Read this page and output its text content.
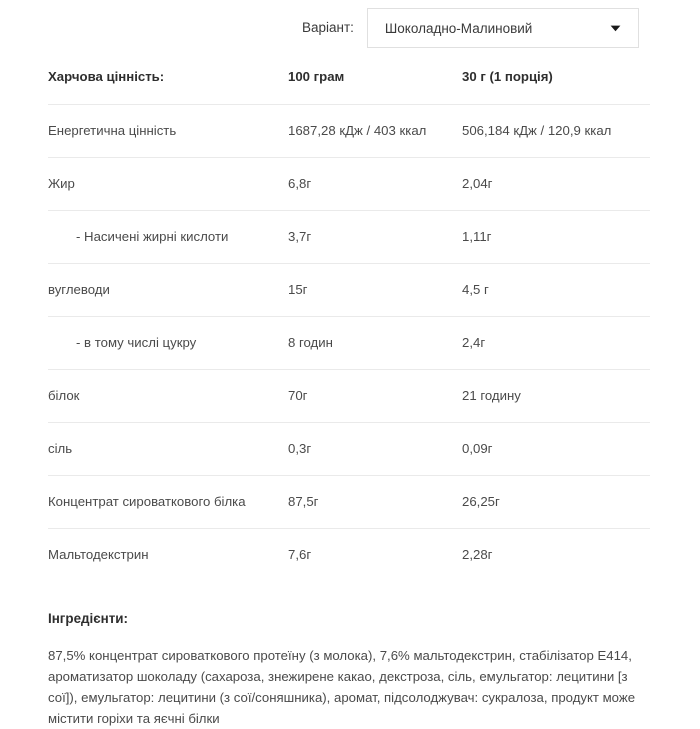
Варіант:	Шоколадно-Малиновий
Харчова цінність:	100 грам	30 г (1 порція)
Енергетична цінність	1687,28 кДж / 403 ккал	506,184 кДж / 120,9 ккал
Жир	6,8г	2,04г
- Насичені жирні кислоти	3,7г	1,11г
вуглеводи	15г	4,5 г
- в тому числі цукру	8 годин	2,4г
білок	70г	21 годину
сіль	0,3г	0,09г
Концентрат сироваткового білка	87,5г	26,25г
Мальтодекстрин	7,6г	2,28г
Інгредієнти:
87,5% концентрат сироваткового протеїну (з молока), 7,6% мальтодекстрин, стабілізатор Е414, ароматизатор шоколаду (сахароза, знежирене какао, декстроза, сіль, емульгатор: лецитини [з сої]), емульгатор: лецитини (з сої/соняшника), аромат, підсолоджувач: сукралоза, продукт може містити горіхи та яєчні білки
